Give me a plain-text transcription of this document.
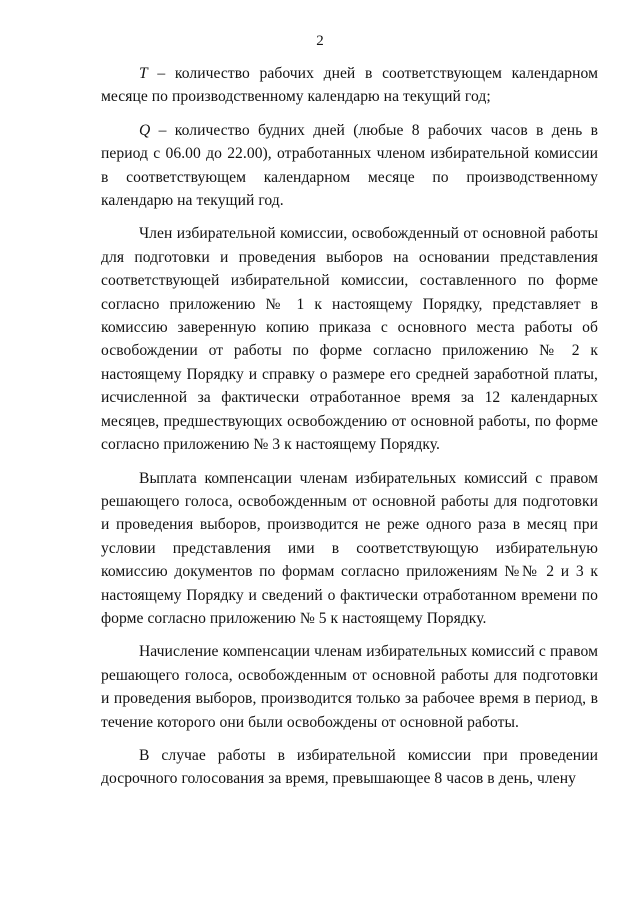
2

T – количество рабочих дней в соответствующем календарном месяце по производственному календарю на текущий год;

Q – количество будних дней (любые 8 рабочих часов в день в период с 06.00 до 22.00), отработанных членом избирательной комиссии в соответствующем календарном месяце по производственному календарю на текущий год.

Член избирательной комиссии, освобожденный от основной работы для подготовки и проведения выборов на основании представления соответствующей избирательной комиссии, составленного по форме согласно приложению № 1 к настоящему Порядку, представляет в комиссию заверенную копию приказа с основного места работы об освобождении от работы по форме согласно приложению № 2 к настоящему Порядку и справку о размере его средней заработной платы, исчисленной за фактически отработанное время за 12 календарных месяцев, предшествующих освобождению от основной работы, по форме согласно приложению № 3 к настоящему Порядку.

Выплата компенсации членам избирательных комиссий с правом решающего голоса, освобожденным от основной работы для подготовки и проведения выборов, производится не реже одного раза в месяц при условии представления ими в соответствующую избирательную комиссию документов по формам согласно приложениям №№ 2 и 3 к настоящему Порядку и сведений о фактически отработанном времени по форме согласно приложению № 5 к настоящему Порядку.

Начисление компенсации членам избирательных комиссий с правом решающего голоса, освобожденным от основной работы для подготовки и проведения выборов, производится только за рабочее время в период, в течение которого они были освобождены от основной работы.

В случае работы в избирательной комиссии при проведении досрочного голосования за время, превышающее 8 часов в день, члену
